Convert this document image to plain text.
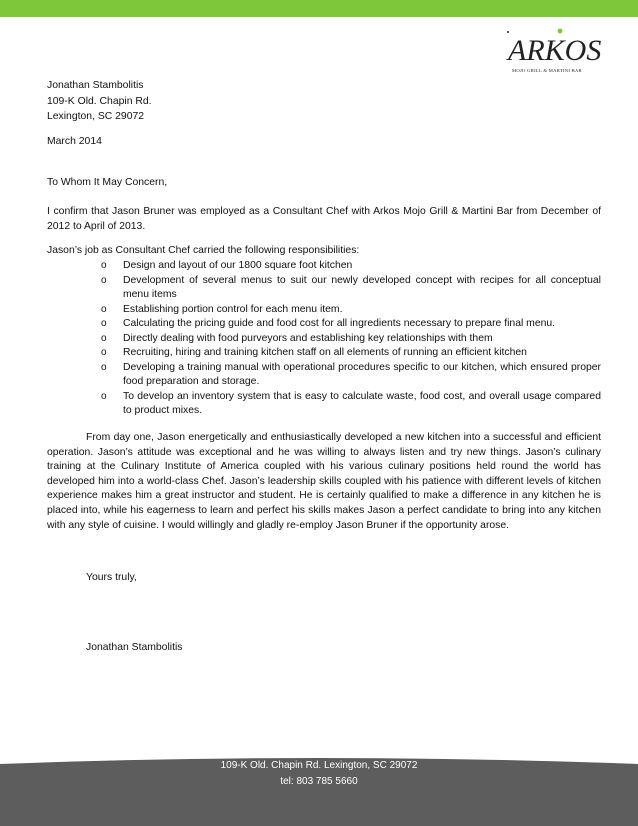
ARKOS
MOJO GRILL & MARTINI BAR
Jonathan Stambolitis
109-K Old. Chapin Rd.
Lexington, SC 29072
March 2014
To Whom It May Concern,
I confirm that Jason Bruner was employed as a Consultant Chef with Arkos Mojo Grill & Martini Bar from December of 2012 to April of 2013.
Jason’s job as Consultant Chef carried the following responsibilities:
o Design and layout of our 1800 square foot kitchen
o Development of several menus to suit our newly developed concept with recipes for all conceptual menu items
o Establishing portion control for each menu item.
o Calculating the pricing guide and food cost for all ingredients necessary to prepare final menu.
o Directly dealing with food purveyors and establishing key relationships with them
o Recruiting, hiring and training kitchen staff on all elements of running an efficient kitchen
o Developing a training manual with operational procedures specific to our kitchen, which ensured proper food preparation and storage.
o To develop an inventory system that is easy to calculate waste, food cost, and overall usage compared to product mixes.
From day one, Jason energetically and enthusiastically developed a new kitchen into a successful and efficient operation. Jason’s attitude was exceptional and he was willing to always listen and try new things. Jason’s culinary training at the Culinary Institute of America coupled with his various culinary positions held round the world has developed him into a world-class Chef. Jason’s leadership skills coupled with his patience with different levels of kitchen experience makes him a great instructor and student. He is certainly qualified to make a difference in any kitchen he is placed into, while his eagerness to learn and perfect his skills makes Jason a perfect candidate to bring into any kitchen with any style of cuisine. I would willingly and gladly re-employ Jason Bruner if the opportunity arose.
Yours truly,
Jonathan Stambolitis
109-K Old. Chapin Rd. Lexington, SC 29072
tel: 803 785 5660
